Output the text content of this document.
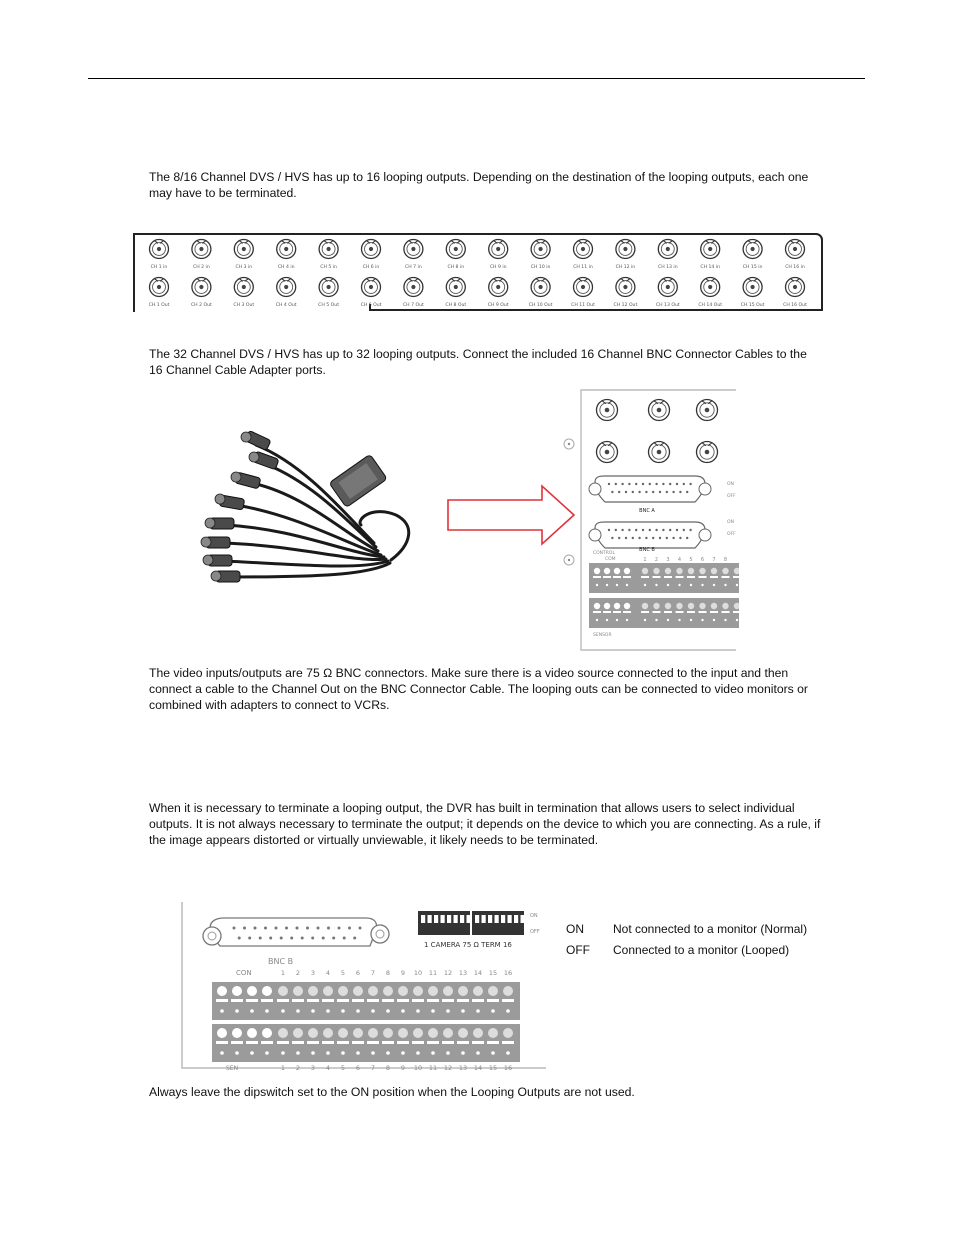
The 8/16 Channel DVS / HVS has up to 16 looping outputs. Depending on the destination of the looping outputs, each one may have to be terminated.

CH 1 in
CH 1 Out
CH 2 in
CH 2 Out
CH 3 in
CH 3 Out
CH 4 in
CH 4 Out
CH 5 in
CH 5 Out
CH 6 in
CH 6 Out
CH 7 in
CH 7 Out
CH 8 in
CH 8 Out
CH 9 in
CH 9 Out
CH 10 in
CH 10 Out
CH 11 in
CH 11 Out
CH 12 in
CH 12 Out
CH 13 in
CH 13 Out
CH 14 in
CH 14 Out
CH 15 in
CH 15 Out
CH 16 in
CH 16 Out

The 32 Channel DVS / HVS has up to 32 looping outputs. Connect the included 16 Channel BNC Connector Cables to the 16 Channel Cable Adapter ports.

ON
OFF
ON
OFF
BNC A
BNC B
CONTROL
COM	1 2 3 4 5 6 7 8
SENSOR

The video inputs/outputs are 75 Ω BNC connectors. Make sure there is a video source connected to the input and then connect a cable to the Channel Out on the BNC Connector Cable. The looping outs can be connected to video monitors or combined with adapters to connect to VCRs.

When it is necessary to terminate a looping output, the DVR has built in termination that allows users to select individual outputs. It is not always necessary to terminate the output; it depends on the device to which you are connecting. As a rule, if the image appears distorted or virtually unviewable, it likely needs to be terminated.

ON
OFF
1 CAMERA 75 Ω TERM 16
BNC B
CON	1 2 3 4 5 6 7 8 9 10 11 12 13 14 15 16
SEN	1 2 3 4 5 6 7 8 9 10 11 12 13 14 15 16
ON	Not connected to a monitor (Normal)
OFF	Connected to a monitor (Looped)

Always leave the dipswitch set to the ON position when the Looping Outputs are not used.
